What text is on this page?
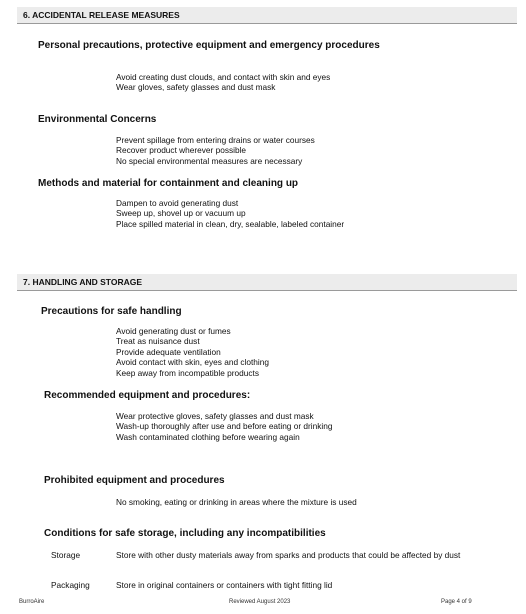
6. ACCIDENTAL RELEASE MEASURES
Personal precautions, protective equipment and emergency procedures
Avoid creating dust clouds, and contact with skin and eyes
Wear gloves, safety glasses and dust mask
Environmental Concerns
Prevent spillage from entering drains or water courses
Recover product wherever possible
No special environmental measures are necessary
Methods and material for containment and cleaning up
Dampen to avoid generating dust
Sweep up, shovel up or vacuum up
Place spilled material in clean, dry, sealable, labeled container
7. HANDLING AND STORAGE
Precautions for safe handling
Avoid generating dust or fumes
Treat as nuisance dust
Provide adequate ventilation
Avoid contact with skin, eyes and clothing
Keep away from incompatible products
Recommended equipment and procedures:
Wear protective gloves, safety glasses and dust mask
Wash-up thoroughly after use and before eating or drinking
Wash contaminated clothing before wearing again
Prohibited equipment and procedures
No smoking, eating or drinking in areas where the mixture is used
Conditions for safe storage, including any incompatibilities
Storage	Store with other dusty materials away from sparks and products that could be affected by dust
Packaging	Store in original containers or containers with tight fitting lid
BurroAire	Reviewed August 2023	Page 4 of 9
